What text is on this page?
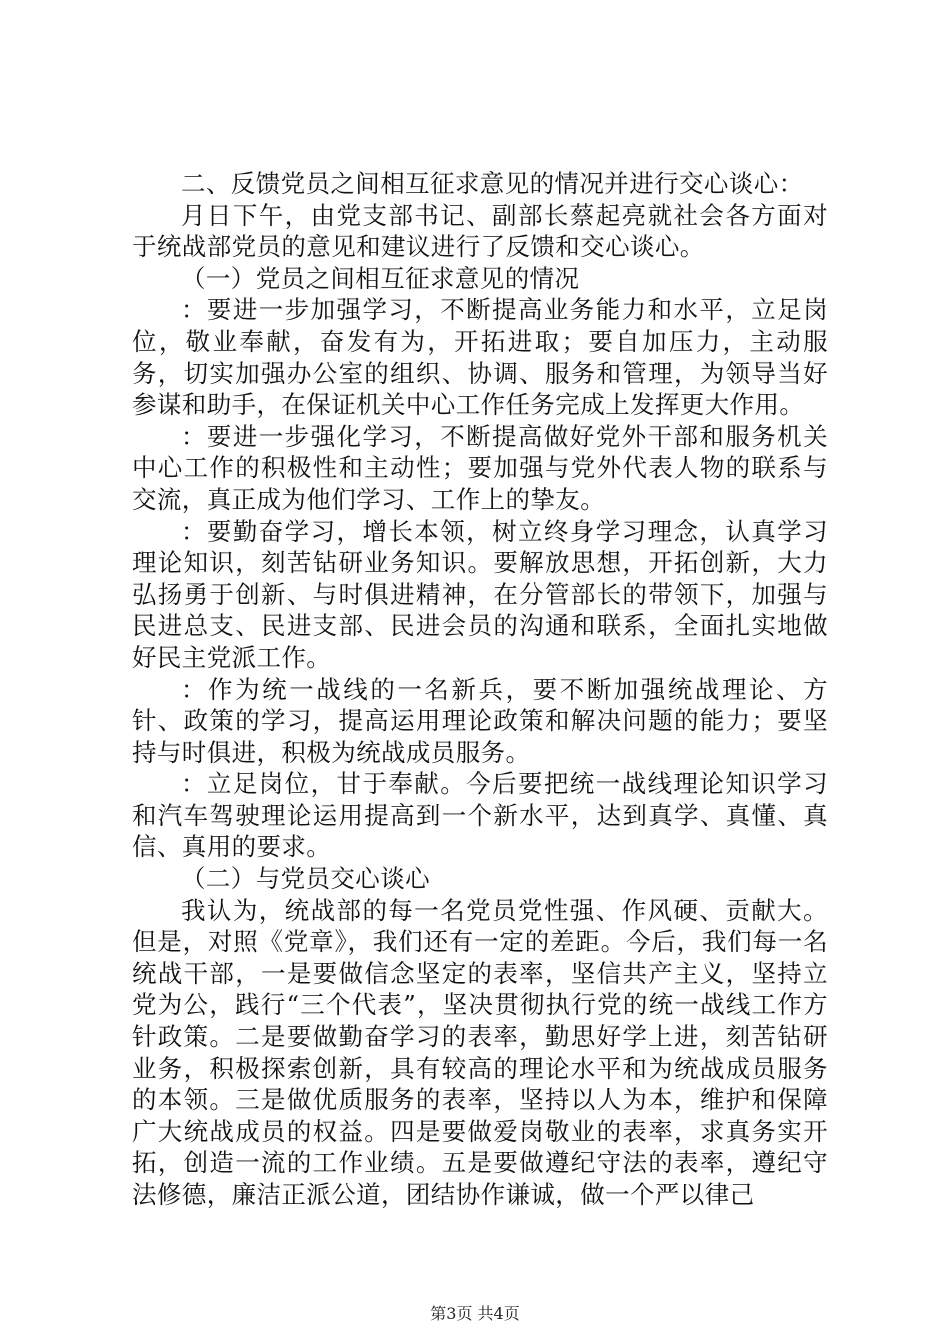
二、反馈党员之间相互征求意见的情况并进行交心谈心：

月日下午，由党支部书记、副部长蔡起亮就社会各方面对于统战部党员的意见和建议进行了反馈和交心谈心。

（一）党员之间相互征求意见的情况

：要进一步加强学习，不断提高业务能力和水平，立足岗位，敬业奉献，奋发有为，开拓进取；要自加压力，主动服务，切实加强办公室的组织、协调、服务和管理，为领导当好参谋和助手，在保证机关中心工作任务完成上发挥更大作用。

：要进一步强化学习，不断提高做好党外干部和服务机关中心工作的积极性和主动性；要加强与党外代表人物的联系与交流，真正成为他们学习、工作上的挚友。

：要勤奋学习，增长本领，树立终身学习理念，认真学习理论知识，刻苦钻研业务知识。要解放思想，开拓创新，大力弘扬勇于创新、与时俱进精神，在分管部长的带领下，加强与民进总支、民进支部、民进会员的沟通和联系，全面扎实地做好民主党派工作。

：作为统一战线的一名新兵，要不断加强统战理论、方针、政策的学习，提高运用理论政策和解决问题的能力；要坚持与时俱进，积极为统战成员服务。

：立足岗位，甘于奉献。今后要把统一战线理论知识学习和汽车驾驶理论运用提高到一个新水平，达到真学、真懂、真信、真用的要求。

（二）与党员交心谈心

我认为，统战部的每一名党员党性强、作风硬、贡献大。但是，对照《党章》，我们还有一定的差距。今后，我们每一名统战干部，一是要做信念坚定的表率，坚信共产主义，坚持立党为公，践行“三个代表”，坚决贯彻执行党的统一战线工作方针政策。二是要做勤奋学习的表率，勤思好学上进，刻苦钻研业务，积极探索创新，具有较高的理论水平和为统战成员服务的本领。三是做优质服务的表率，坚持以人为本，维护和保障广大统战成员的权益。四是要做爱岗敬业的表率，求真务实开拓，创造一流的工作业绩。五是要做遵纪守法的表率，遵纪守法修德，廉洁正派公道，团结协作谦诚，做一个严以律己

第3页 共4页
